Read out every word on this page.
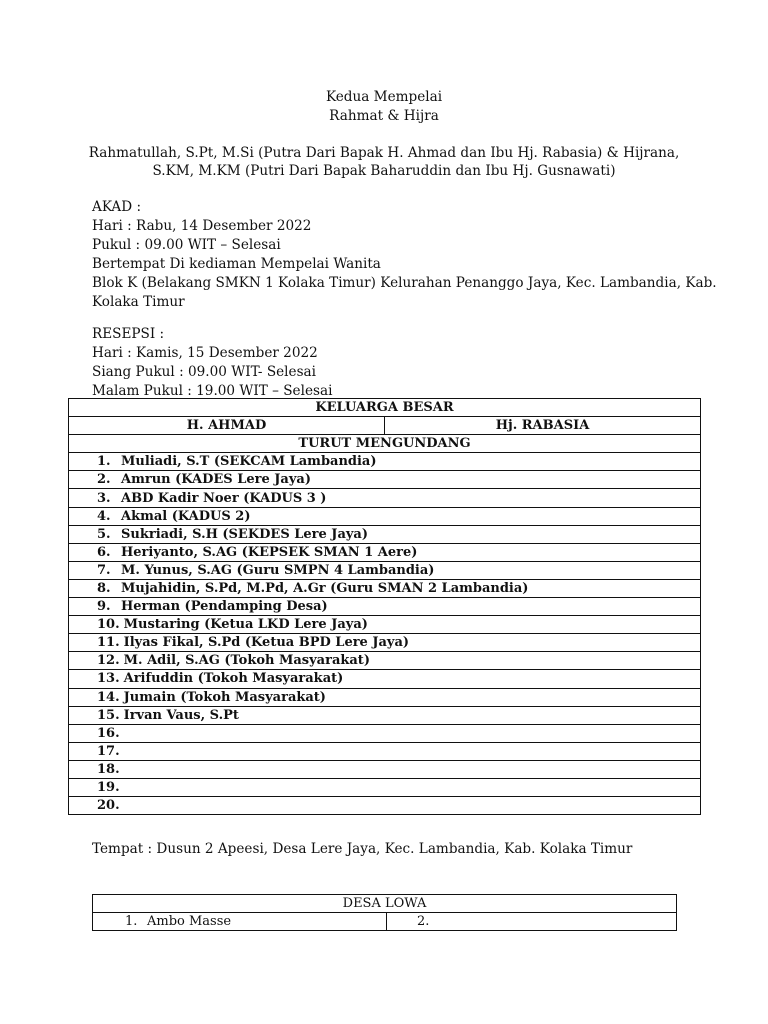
Kedua Mempelai
Rahmat & Hijra
Rahmatullah, S.Pt, M.Si (Putra Dari Bapak H. Ahmad dan Ibu Hj. Rabasia) & Hijrana,
S.KM, M.KM (Putri Dari Bapak Baharuddin dan Ibu Hj. Gusnawati)
AKAD :
Hari : Rabu, 14 Desember 2022
Pukul : 09.00 WIT – Selesai
Bertempat Di kediaman Mempelai Wanita
Blok K (Belakang SMKN 1 Kolaka Timur) Kelurahan Penanggo Jaya, Kec. Lambandia, Kab.
Kolaka Timur
RESEPSI :
Hari : Kamis, 15 Desember 2022
Siang Pukul : 09.00 WIT- Selesai
Malam Pukul : 19.00 WIT – Selesai
KELUARGA BESAR
H. AHMAD	Hj. RABASIA
TURUT MENGUNDANG
1. Muliadi, S.T (SEKCAM Lambandia)
2. Amrun (KADES Lere Jaya)
3. ABD Kadir Noer (KADUS 3 )
4. Akmal (KADUS 2)
5. Sukriadi, S.H (SEKDES Lere Jaya)
6. Heriyanto, S.AG (KEPSEK SMAN 1 Aere)
7. M. Yunus, S.AG (Guru SMPN 4 Lambandia)
8. Mujahidin, S.Pd, M.Pd, A.Gr (Guru SMAN 2 Lambandia)
9. Herman (Pendamping Desa)
10. Mustaring (Ketua LKD Lere Jaya)
11. Ilyas Fikal, S.Pd (Ketua BPD Lere Jaya)
12. M. Adil, S.AG (Tokoh Masyarakat)
13. Arifuddin (Tokoh Masyarakat)
14. Jumain (Tokoh Masyarakat)
15. Irvan Vaus, S.Pt
16.
17.
18.
19.
20.
Tempat : Dusun 2 Apeesi, Desa Lere Jaya, Kec. Lambandia, Kab. Kolaka Timur
DESA LOWA
1. Ambo Masse	2.
